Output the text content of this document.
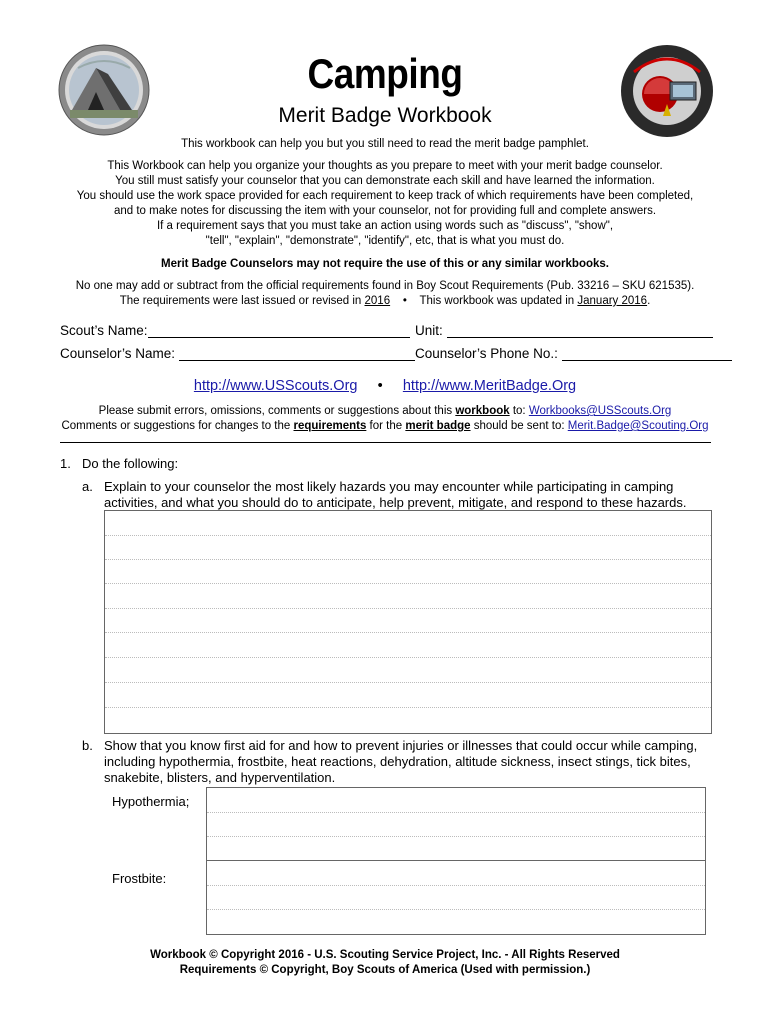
Camping
Merit Badge Workbook
This workbook can help you but you still need to read the merit badge pamphlet.
This Workbook can help you organize your thoughts as you prepare to meet with your merit badge counselor.
You still must satisfy your counselor that you can demonstrate each skill and have learned the information.
You should use the work space provided for each requirement to keep track of which requirements have been completed,
and to make notes for discussing the item with your counselor, not for providing full and complete answers.
If a requirement says that you must take an action using words such as "discuss", "show",
"tell", "explain", "demonstrate", "identify", etc, that is what you must do.
Merit Badge Counselors may not require the use of this or any similar workbooks.
No one may add or subtract from the official requirements found in Boy Scout Requirements (Pub. 33216 – SKU 621535).
The requirements were last issued or revised in 2016 • This workbook was updated in January 2016.
Scout’s Name:	Unit:
Counselor’s Name:	Counselor’s Phone No.:
http://www.USScouts.Org • http://www.MeritBadge.Org
Please submit errors, omissions, comments or suggestions about this workbook to: Workbooks@USScouts.Org
Comments or suggestions for changes to the requirements for the merit badge should be sent to: Merit.Badge@Scouting.Org
1. Do the following:
a. Explain to your counselor the most likely hazards you may encounter while participating in camping activities, and what you should do to anticipate, help prevent, mitigate, and respond to these hazards.
b. Show that you know first aid for and how to prevent injuries or illnesses that could occur while camping, including hypothermia, frostbite, heat reactions, dehydration, altitude sickness, insect stings, tick bites, snakebite, blisters, and hyperventilation.
Hypothermia;
Frostbite:
Workbook © Copyright 2016 - U.S. Scouting Service Project, Inc. - All Rights Reserved
Requirements © Copyright, Boy Scouts of America (Used with permission.)
